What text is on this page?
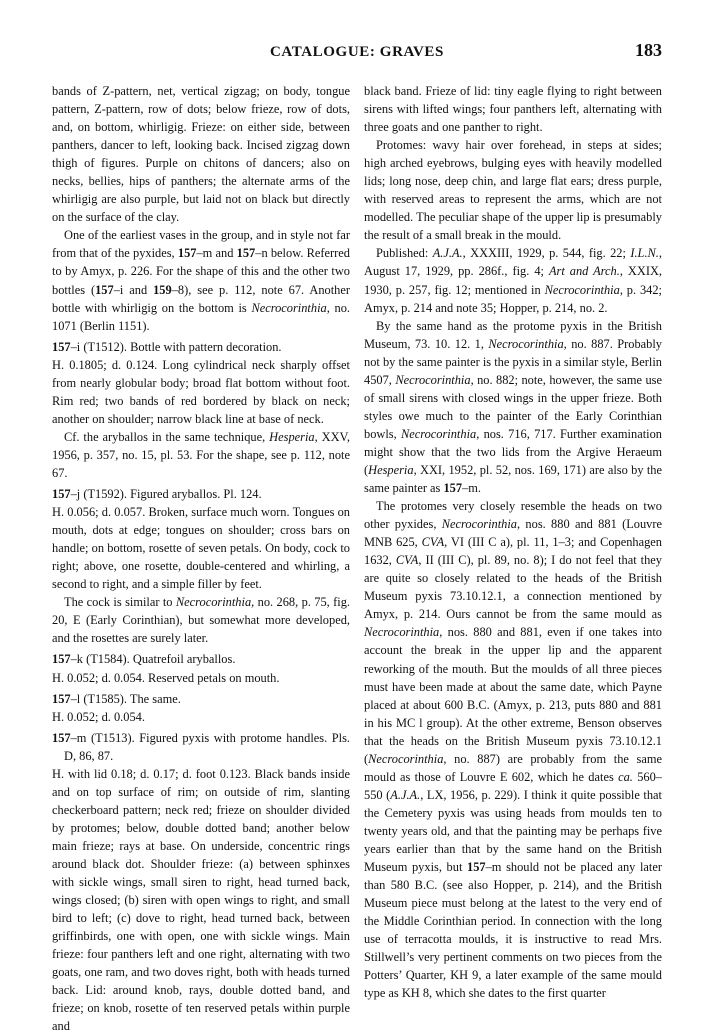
CATALOGUE: GRAVES	183

bands of Z-pattern, net, vertical zigzag; on body, tongue pattern, Z-pattern, row of dots; below frieze, row of dots, and, on bottom, whirligig. Frieze: on either side, between panthers, dancer to left, looking back. Incised zigzag down thigh of figures. Purple on chitons of dancers; also on necks, bellies, hips of panthers; the alternate arms of the whirligig are also purple, but laid not on black but directly on the surface of the clay.

One of the earliest vases in the group, and in style not far from that of the pyxides, 157–m and 157–n below. Referred to by Amyx, p. 226. For the shape of this and the other two bottles (157–i and 159–8), see p. 112, note 67. Another bottle with whirligig on the bottom is Necrocorinthia, no. 1071 (Berlin 1151).

157–i (T1512). Bottle with pattern decoration.

H. 0.1805; d. 0.124. Long cylindrical neck sharply offset from nearly globular body; broad flat bottom without foot. Rim red; two bands of red bordered by black on neck; another on shoulder; narrow black line at base of neck.

Cf. the aryballos in the same technique, Hesperia, XXV, 1956, p. 357, no. 15, pl. 53. For the shape, see p. 112, note 67.

157–j (T1592). Figured aryballos. Pl. 124.

H. 0.056; d. 0.057. Broken, surface much worn. Tongues on mouth, dots at edge; tongues on shoulder; cross bars on handle; on bottom, rosette of seven petals. On body, cock to right; above, one rosette, double-centered and whirling, a second to right, and a simple filler by feet.

The cock is similar to Necrocorinthia, no. 268, p. 75, fig. 20, E (Early Corinthian), but somewhat more developed, and the rosettes are surely later.

157–k (T1584). Quatrefoil aryballos.

H. 0.052; d. 0.054. Reserved petals on mouth.

157–l (T1585). The same.

H. 0.052; d. 0.054.

157–m (T1513). Figured pyxis with protome handles. Pls. D, 86, 87.

H. with lid 0.18; d. 0.17; d. foot 0.123. Black bands inside and on top surface of rim; on outside of rim, slanting checkerboard pattern; neck red; frieze on shoulder divided by protomes; below, double dotted band; another below main frieze; rays at base. On underside, concentric rings around black dot. Shoulder frieze: (a) between sphinxes with sickle wings, small siren to right, head turned back, wings closed; (b) siren with open wings to right, and small bird to left; (c) dove to right, head turned back, between griffinbirds, one with open, one with sickle wings. Main frieze: four panthers left and one right, alternating with two goats, one ram, and two doves right, both with heads turned back. Lid: around knob, rays, double dotted band, and frieze; on knob, rosette of ten reserved petals within purple and

black band. Frieze of lid: tiny eagle flying to right between sirens with lifted wings; four panthers left, alternating with three goats and one panther to right.

Protomes: wavy hair over forehead, in steps at sides; high arched eyebrows, bulging eyes with heavily modelled lids; long nose, deep chin, and large flat ears; dress purple, with reserved areas to represent the arms, which are not modelled. The peculiar shape of the upper lip is presumably the result of a small break in the mould.

Published: A.J.A., XXXIII, 1929, p. 544, fig. 22; I.L.N., August 17, 1929, pp. 286f., fig. 4; Art and Arch., XXIX, 1930, p. 257, fig. 12; mentioned in Necrocorinthia, p. 342; Amyx, p. 214 and note 35; Hopper, p. 214, no. 2.

By the same hand as the protome pyxis in the British Museum, 73. 10. 12. 1, Necrocorinthia, no. 887. Probably not by the same painter is the pyxis in a similar style, Berlin 4507, Necrocorinthia, no. 882; note, however, the same use of small sirens with closed wings in the upper frieze. Both styles owe much to the painter of the Early Corinthian bowls, Necrocorinthia, nos. 716, 717. Further examination might show that the two lids from the Argive Heraeum (Hesperia, XXI, 1952, pl. 52, nos. 169, 171) are also by the same painter as 157–m.

The protomes very closely resemble the heads on two other pyxides, Necrocorinthia, nos. 880 and 881 (Louvre MNB 625, CVA, VI (III C a), pl. 11, 1–3; and Copenhagen 1632, CVA, II (III C), pl. 89, no. 8); I do not feel that they are quite so closely related to the heads of the British Museum pyxis 73.10.12.1, a connection mentioned by Amyx, p. 214. Ours cannot be from the same mould as Necrocorinthia, nos. 880 and 881, even if one takes into account the break in the upper lip and the apparent reworking of the mouth. But the moulds of all three pieces must have been made at about the same date, which Payne placed at about 600 B.C. (Amyx, p. 213, puts 880 and 881 in his MC l group). At the other extreme, Benson observes that the heads on the British Museum pyxis 73.10.12.1 (Necrocorinthia, no. 887) are probably from the same mould as those of Louvre E 602, which he dates ca. 560–550 (A.J.A., LX, 1956, p. 229). I think it quite possible that the Cemetery pyxis was using heads from moulds ten to twenty years old, and that the painting may be perhaps five years earlier than that by the same hand on the British Museum pyxis, but 157–m should not be placed any later than 580 B.C. (see also Hopper, p. 214), and the British Museum piece must belong at the latest to the very end of the Middle Corinthian period. In connection with the long use of terracotta moulds, it is instructive to read Mrs. Stillwell’s very pertinent comments on two pieces from the Potters’ Quarter, KH 9, a later example of the same mould type as KH 8, which she dates to the first quarter
